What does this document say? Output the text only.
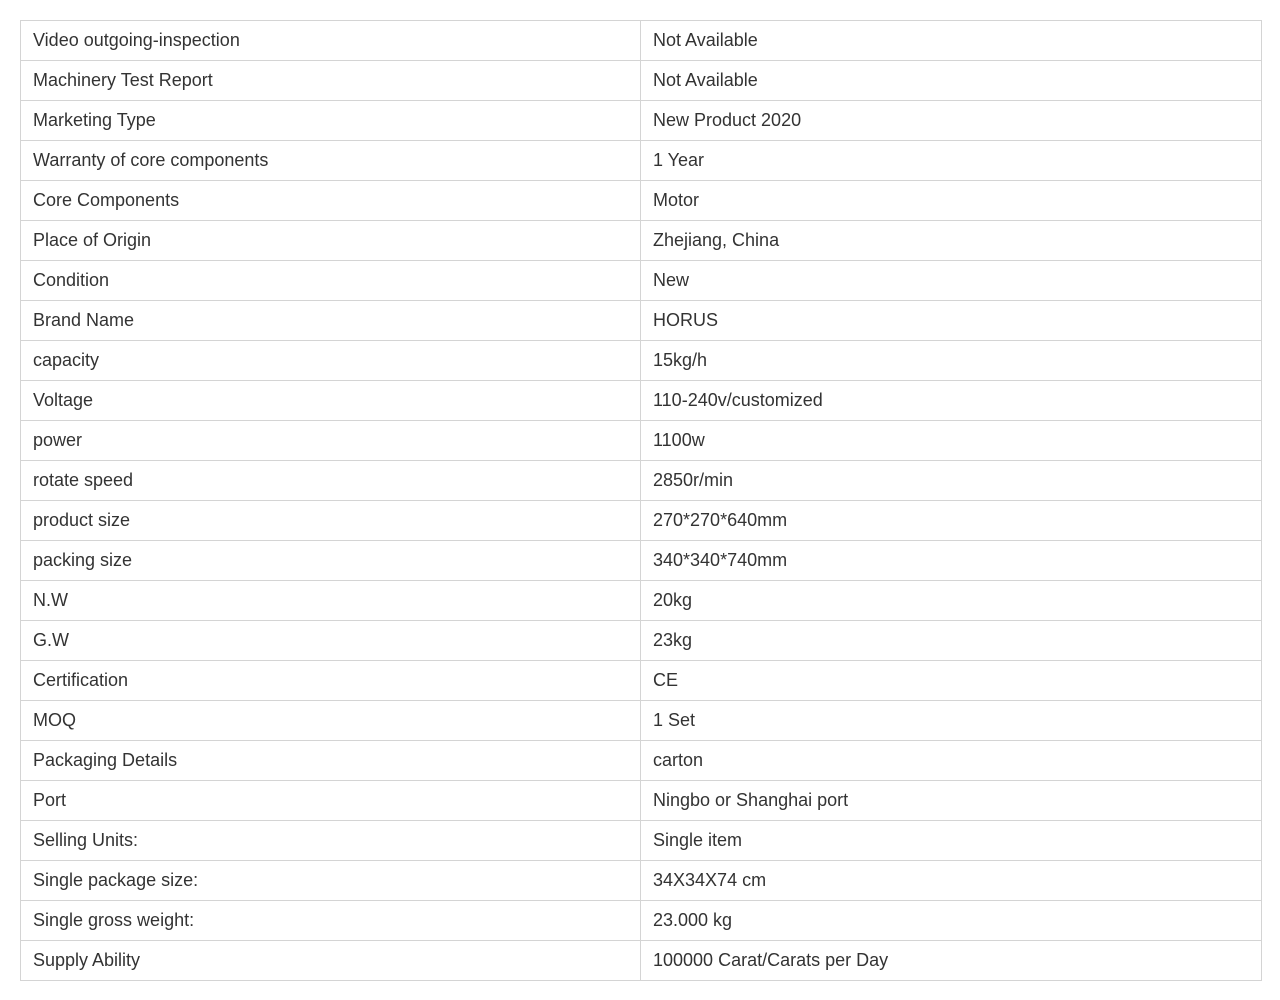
Video outgoing-inspection	Not Available
Machinery Test Report	Not Available
Marketing Type	New Product 2020
Warranty of core components	1 Year
Core Components	Motor
Place of Origin	Zhejiang, China
Condition	New
Brand Name	HORUS
capacity	15kg/h
Voltage	110-240v/customized
power	1100w
rotate speed	2850r/min
product size	270*270*640mm
packing size	340*340*740mm
N.W	20kg
G.W	23kg
Certification	CE
MOQ	1 Set
Packaging Details	carton
Port	Ningbo or Shanghai port
Selling Units:	Single item
Single package size:	34X34X74 cm
Single gross weight:	23.000 kg
Supply Ability	100000 Carat/Carats per Day
